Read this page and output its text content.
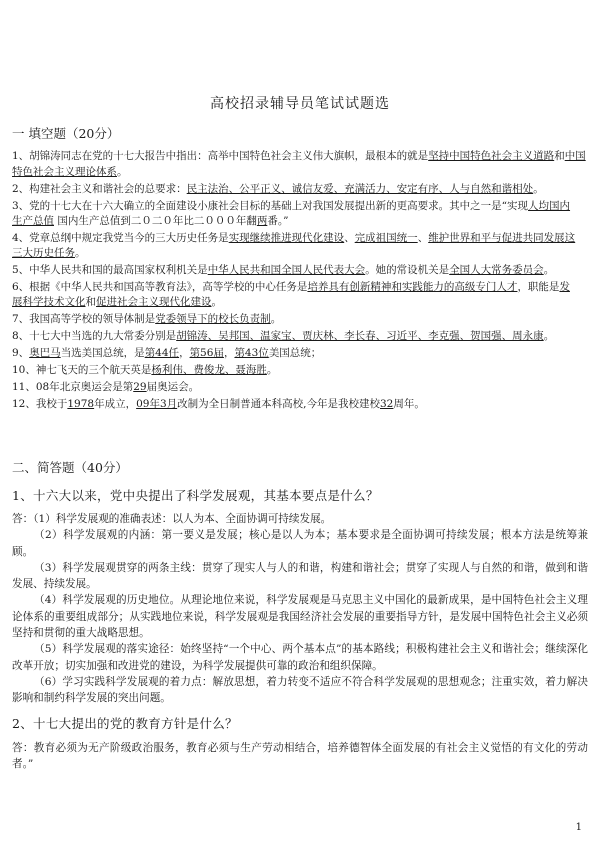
高校招录辅导员笔试试题选
一 填空题（20分）
1、胡锦涛同志在党的十七大报告中指出：高举中国特色社会主义伟大旗帜，最根本的就是坚持中国特色社会主义道路和中国
特色社会主义理论体系。
2、构建社会主义和谐社会的总要求：民主法治、公平正义、诚信友爱、充满活力、安定有序、人与自然和谐相处。
3、党的十七大在十六大确立的全面建设小康社会目标的基础上对我国发展提出新的更高要求。其中之一是“实现人均国内
生产总值 国内生产总值到二０二０年比二０００年翻两番。”
4、党章总纲中规定我党当今的三大历史任务是实现继续推进现代化建设、完成祖国统一、维护世界和平与促进共同发展这
三大历史任务。
5、中华人民共和国的最高国家权利机关是中华人民共和国全国人民代表大会。她的常设机关是全国人大常务委员会。
6、根据《中华人民共和国高等教育法》，高等学校的中心任务是培养具有创新精神和实践能力的高级专门人才，职能是发
展科学技术文化和促进社会主义现代化建设。
7、我国高等学校的领导体制是党委领导下的校长负责制。
8、十七大中当选的九大常委分别是胡锦涛、吴邦国、温家宝、贾庆林、李长春、习近平、李克强、贺国强、周永康。
9、奥巴马当选美国总统，是第44任，第56届，第43位美国总统；
10、神七飞天的三个航天英是杨利伟、费俊龙、聂海胜。
11、08年北京奥运会是第29届奥运会。
12、我校于1978年成立，09年3月改制为全日制普通本科高校,今年是我校建校32周年。
二、简答题（40分）
1、十六大以来，党中央提出了科学发展观，其基本要点是什么？

答：（1）科学发展观的准确表述：以人为本、全面协调可持续发展。

（2）科学发展观的内涵：第一要义是发展；核心是以人为本；基本要求是全面协调可持续发展；根本方法是统筹兼顾。

（3）科学发展观贯穿的两条主线：贯穿了现实人与人的和谐，构建和谐社会；贯穿了实现人与自然的和谐，做到和谐发展、持续发展。

（4）科学发展观的历史地位。从理论地位来说，科学发展观是马克思主义中国化的最新成果，是中国特色社会主义理论体系的重要组成部分；从实践地位来说，科学发展观是我国经济社会发展的重要指导方针，是发展中国特色社会主义必须坚持和贯彻的重大战略思想。

（5）科学发展观的落实途径：始终坚持“一个中心、两个基本点”的基本路线；积极构建社会主义和谐社会；继续深化改革开放；切实加强和改进党的建设，为科学发展提供可靠的政治和组织保障。

（6）学习实践科学发展观的着力点：解放思想，着力转变不适应不符合科学发展观的思想观念；注重实效，着力解决影响和制约科学发展的突出问题。

2、十七大提出的党的教育方针是什么？
答：教育必须为无产阶级政治服务，教育必须与生产劳动相结合，培养德智体全面发展的有社会主义觉悟的有文化的劳动者。”
1
